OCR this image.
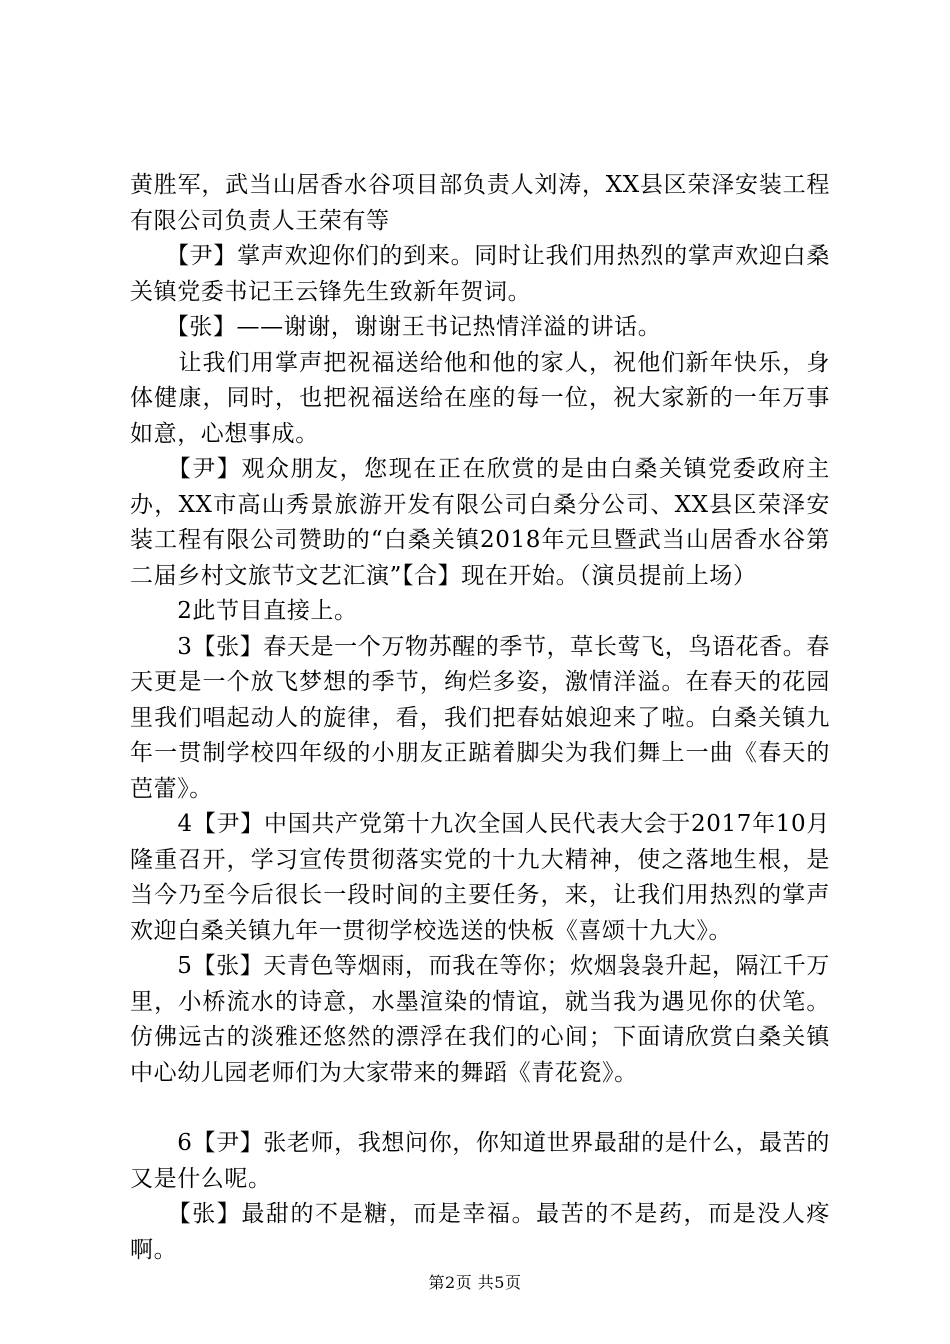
黄胜军，武当山居香水谷项目部负责人刘涛，XX县区荣泽安装工程有限公司负责人王荣有等

　　【尹】掌声欢迎你们的到来。同时让我们用热烈的掌声欢迎白桑关镇党委书记王云锋先生致新年贺词。

　　【张】——谢谢，谢谢王书记热情洋溢的讲话。

　　让我们用掌声把祝福送给他和他的家人，祝他们新年快乐，身体健康，同时，也把祝福送给在座的每一位，祝大家新的一年万事如意，心想事成。

　　【尹】观众朋友，您现在正在欣赏的是由白桑关镇党委政府主办，XX市高山秀景旅游开发有限公司白桑分公司、XX县区荣泽安装工程有限公司赞助的“白桑关镇2018年元旦暨武当山居香水谷第二届乡村文旅节文艺汇演”【合】现在开始。（演员提前上场）

　　2此节目直接上。

　　3【张】春天是一个万物苏醒的季节，草长莺飞，鸟语花香。春天更是一个放飞梦想的季节，绚烂多姿，激情洋溢。在春天的花园里我们唱起动人的旋律，看，我们把春姑娘迎来了啦。白桑关镇九年一贯制学校四年级的小朋友正踮着脚尖为我们舞上一曲《春天的芭蕾》。

　　4【尹】中国共产党第十九次全国人民代表大会于2017年10月隆重召开，学习宣传贯彻落实党的十九大精神，使之落地生根，是当今乃至今后很长一段时间的主要任务，来，让我们用热烈的掌声欢迎白桑关镇九年一贯彻学校选送的快板《喜颂十九大》。

　　5【张】天青色等烟雨，而我在等你；炊烟袅袅升起，隔江千万里，小桥流水的诗意，水墨渲染的情谊，就当我为遇见你的伏笔。仿佛远古的淡雅还悠然的漂浮在我们的心间；下面请欣赏白桑关镇中心幼儿园老师们为大家带来的舞蹈《青花瓷》。

　　6【尹】张老师，我想问你，你知道世界最甜的是什么，最苦的又是什么呢。

　　【张】最甜的不是糖，而是幸福。最苦的不是药，而是没人疼啊。

第2页 共5页
